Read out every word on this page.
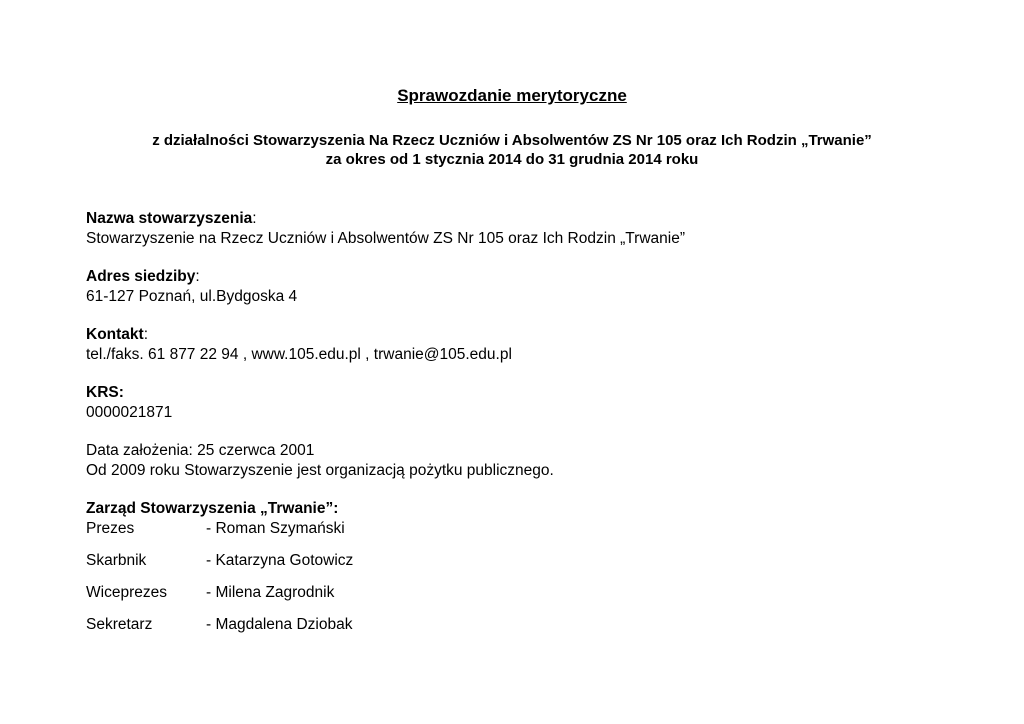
Sprawozdanie merytoryczne
z działalności Stowarzyszenia Na Rzecz Uczniów i Absolwentów ZS Nr 105 oraz Ich Rodzin „Trwanie”
za okres od 1 stycznia 2014 do 31 grudnia 2014 roku
Nazwa stowarzyszenia:
Stowarzyszenie na Rzecz Uczniów i Absolwentów ZS Nr 105 oraz Ich Rodzin „Trwanie”
Adres siedziby:
61-127 Poznań, ul.Bydgoska 4
Kontakt:
tel./faks. 61 877 22 94 , www.105.edu.pl , trwanie@105.edu.pl
KRS:
0000021871
Data założenia: 25 czerwca 2001
Od 2009 roku Stowarzyszenie jest organizacją pożytku publicznego.
Zarząd Stowarzyszenia „Trwanie”:
Prezes	- Roman Szymański
Skarbnik	- Katarzyna Gotowicz
Wiceprezes	- Milena Zagrodnik
Sekretarz	- Magdalena Dziobak
